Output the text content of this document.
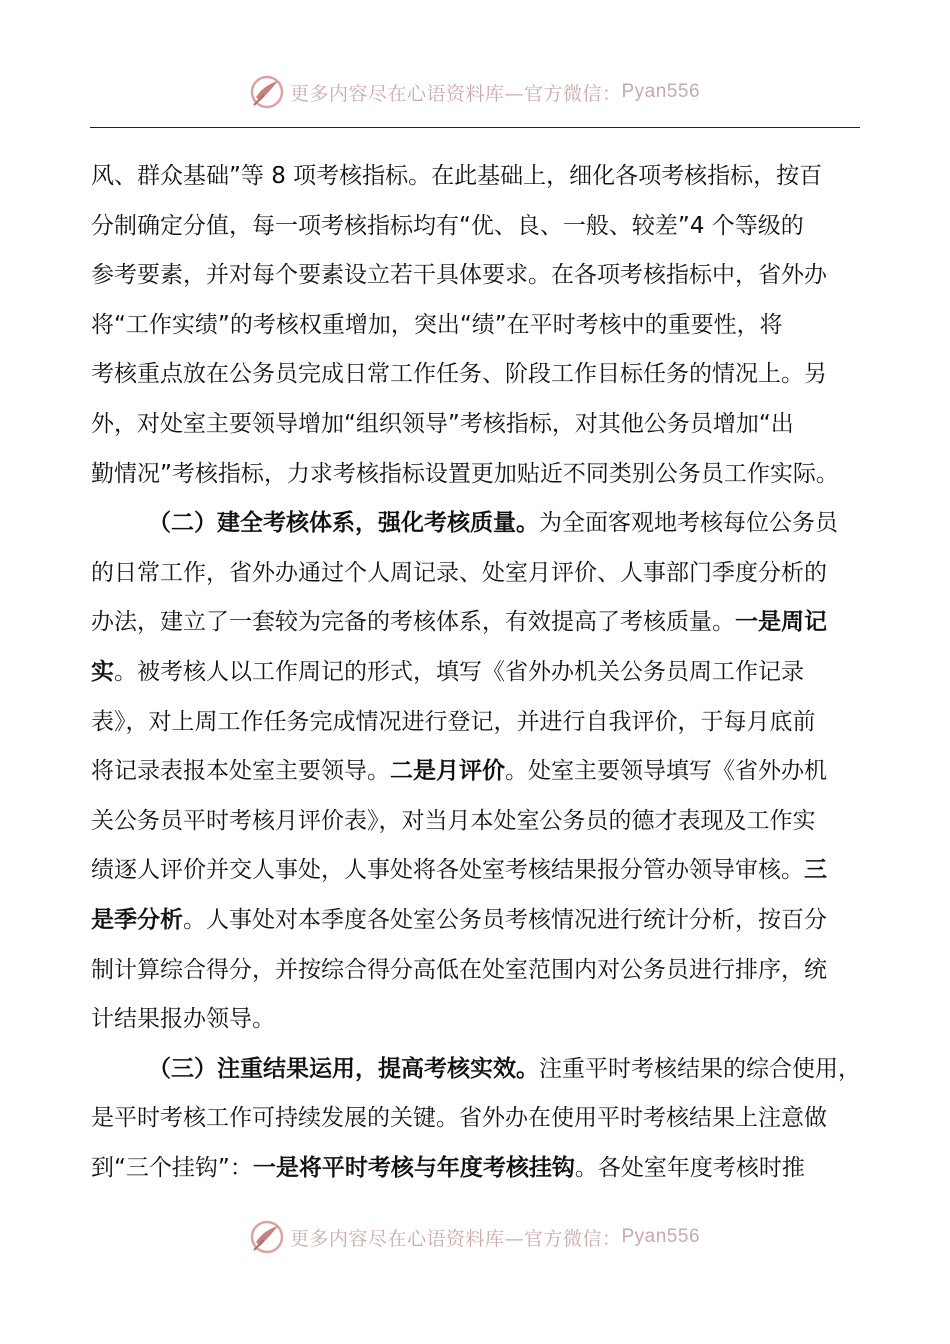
更多内容尽在心语资料库—官方微信： Pyan556
风、群众基础”等 8 项考核指标。在此基础上，细化各项考核指标，按百
分制确定分值，每一项考核指标均有“优、良、一般、较差”4 个等级的
参考要素，并对每个要素设立若干具体要求。在各项考核指标中，省外办
将“工作实绩”的考核权重增加，突出“绩”在平时考核中的重要性，将
考核重点放在公务员完成日常工作任务、阶段工作目标任务的情况上。另
外，对处室主要领导增加“组织领导”考核指标，对其他公务员增加“出
勤情况”考核指标，力求考核指标设置更加贴近不同类别公务员工作实际。
（二）建全考核体系，强化考核质量。为全面客观地考核每位公务员
的日常工作，省外办通过个人周记录、处室月评价、人事部门季度分析的
办法，建立了一套较为完备的考核体系，有效提高了考核质量。一是周记
实。被考核人以工作周记的形式，填写《省外办机关公务员周工作记录
表》，对上周工作任务完成情况进行登记，并进行自我评价，于每月底前
将记录表报本处室主要领导。二是月评价。处室主要领导填写《省外办机
关公务员平时考核月评价表》，对当月本处室公务员的德才表现及工作实
绩逐人评价并交人事处，人事处将各处室考核结果报分管办领导审核。三
是季分析。人事处对本季度各处室公务员考核情况进行统计分析，按百分
制计算综合得分，并按综合得分高低在处室范围内对公务员进行排序，统
计结果报办领导。
（三）注重结果运用，提高考核实效。注重平时考核结果的综合使用，
是平时考核工作可持续发展的关键。省外办在使用平时考核结果上注意做
到“三个挂钩”：一是将平时考核与年度考核挂钩。各处室年度考核时推
更多内容尽在心语资料库—官方微信： Pyan556
